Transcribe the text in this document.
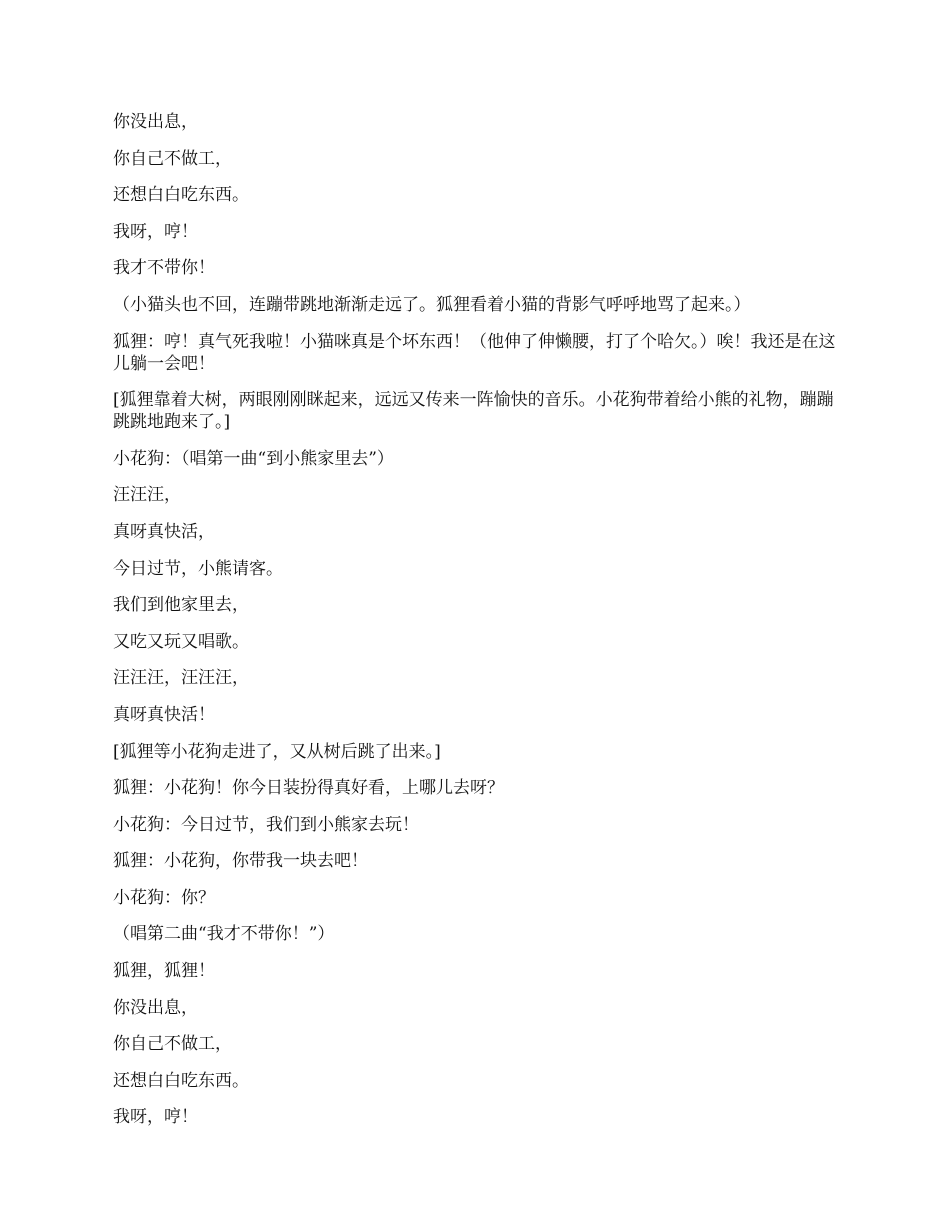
你没出息，

你自己不做工，

还想白白吃东西。

我呀，哼！

我才不带你！

（小猫头也不回，连蹦带跳地渐渐走远了。狐狸看着小猫的背影气呼呼地骂了起来。）

狐狸：哼！真气死我啦！小猫咪真是个坏东西！（他伸了伸懒腰，打了个哈欠。）唉！我还是在这儿躺一会吧！

[狐狸靠着大树，两眼刚刚眯起来，远远又传来一阵愉快的音乐。小花狗带着给小熊的礼物，蹦蹦跳跳地跑来了。]

小花狗：（唱第一曲“到小熊家里去”）

汪汪汪，

真呀真快活，

今日过节，小熊请客。

我们到他家里去，

又吃又玩又唱歌。

汪汪汪，汪汪汪，

真呀真快活！

[狐狸等小花狗走进了，又从树后跳了出来。]

狐狸：小花狗！你今日装扮得真好看，上哪儿去呀？

小花狗：今日过节，我们到小熊家去玩！

狐狸：小花狗，你带我一块去吧！

小花狗：你？

（唱第二曲“我才不带你！”）

狐狸，狐狸！

你没出息，

你自己不做工，

还想白白吃东西。

我呀，哼！
